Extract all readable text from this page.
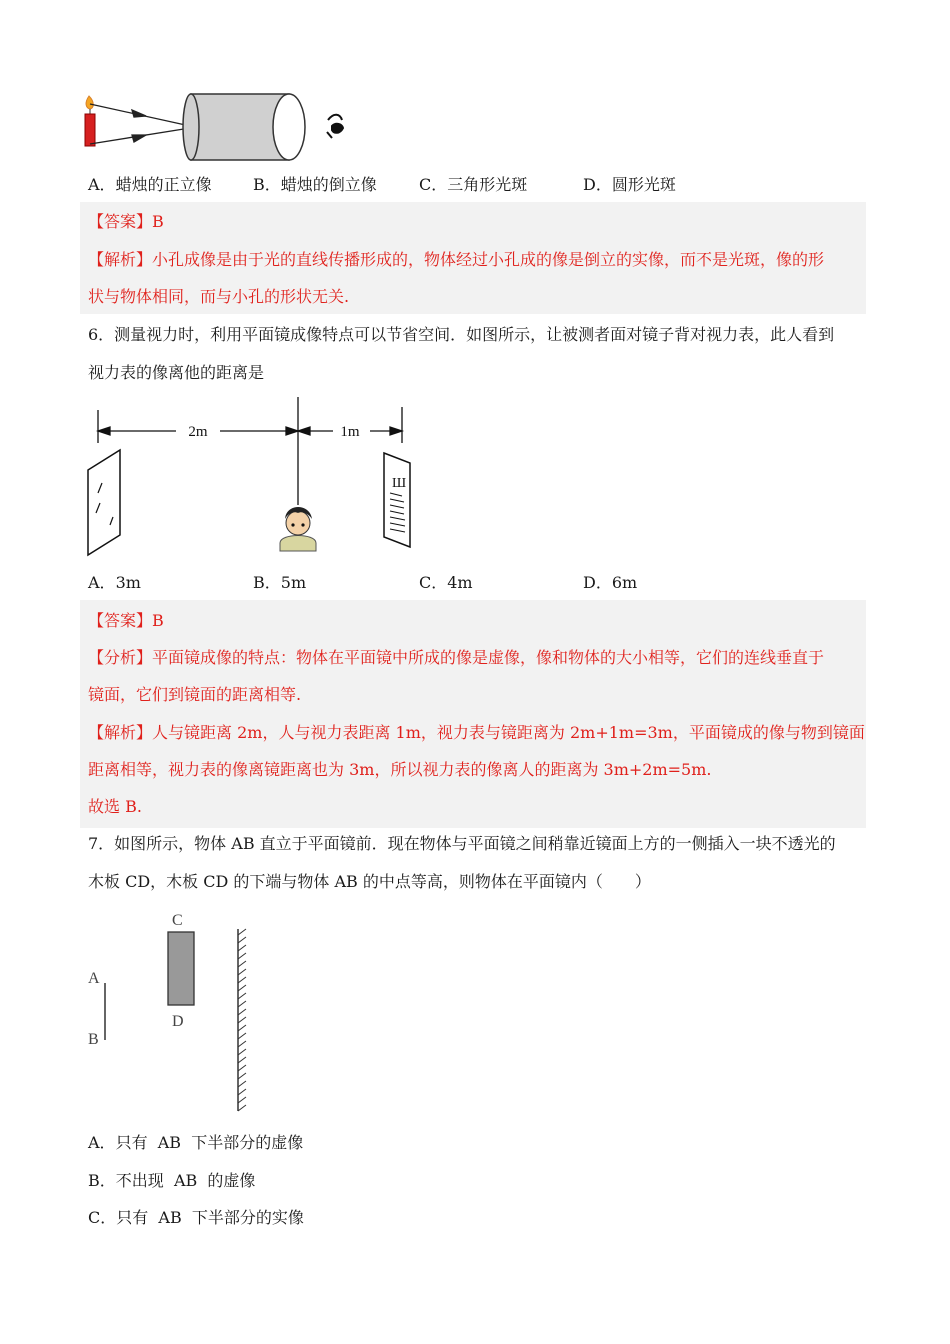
A．蜡烛的正立像	B．蜡烛的倒立像	C．三角形光斑	D．圆形光斑
【答案】B
【解析】小孔成像是由于光的直线传播形成的，物体经过小孔成的像是倒立的实像，而不是光斑，像的形
状与物体相同，而与小孔的形状无关.
6．测量视力时，利用平面镜成像特点可以节省空间．如图所示，让被测者面对镜子背对视力表，此人看到
视力表的像离他的距离是
2m	1m
Ш
A．3m	B．5m	C．4m	D．6m
【答案】B
【分析】平面镜成像的特点：物体在平面镜中所成的像是虚像，像和物体的大小相等，它们的连线垂直于
镜面，它们到镜面的距离相等.
【解析】人与镜距离 2m，人与视力表距离 1m，视力表与镜距离为 2m+1m=3m，平面镜成的像与物到镜面
距离相等，视力表的像离镜距离也为 3m，所以视力表的像离人的距离为 3m+2m=5m.
故选 B.
7．如图所示，物体 AB 直立于平面镜前．现在物体与平面镜之间稍靠近镜面上方的一侧插入一块不透光的
木板 CD，木板 CD 的下端与物体 AB 的中点等高，则物体在平面镜内（　　）
A
B
C
D
A．只有  AB  下半部分的虚像
B．不出现  AB  的虚像
C．只有  AB  下半部分的实像
